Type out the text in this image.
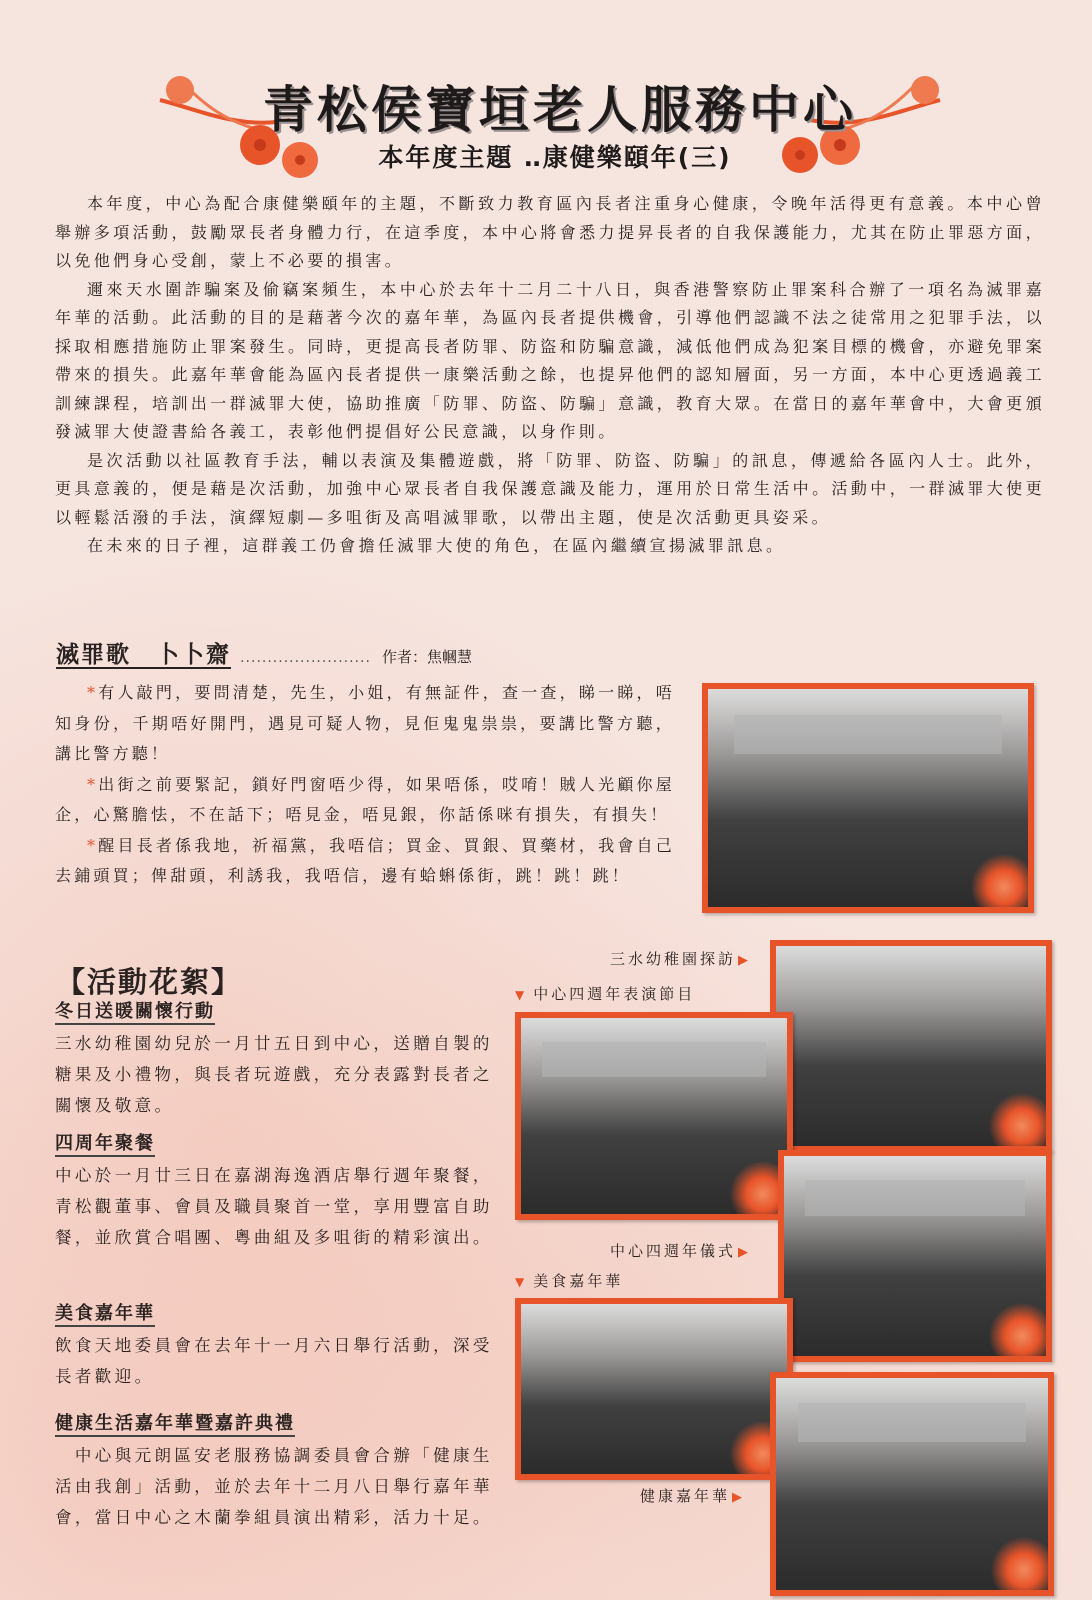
青松侯寶垣老人服務中心
本年度主題 ‥康健樂頤年(三)

本年度，中心為配合康健樂頤年的主題，不斷致力教育區內長者注重身心健康，令晚年活得更有意義。本中心曾舉辦多項活動，鼓勵眾長者身體力行，在這季度，本中心將會悉力提昇長者的自我保護能力，尤其在防止罪惡方面，以免他們身心受創，蒙上不必要的損害。

邇來天水圍詐騙案及偷竊案頻生，本中心於去年十二月二十八日，與香港警察防止罪案科合辦了一項名為滅罪嘉年華的活動。此活動的目的是藉著今次的嘉年華，為區內長者提供機會，引導他們認識不法之徒常用之犯罪手法，以採取相應措施防止罪案發生。同時，更提高長者防罪、防盜和防騙意識，減低他們成為犯案目標的機會，亦避免罪案帶來的損失。此嘉年華會能為區內長者提供一康樂活動之餘，也提昇他們的認知層面，另一方面，本中心更透過義工訓練課程，培訓出一群滅罪大使，協助推廣「防罪、防盜、防騙」意識，教育大眾。在當日的嘉年華會中，大會更頒發滅罪大使證書給各義工，表彰他們提倡好公民意識，以身作則。

是次活動以社區教育手法，輔以表演及集體遊戲，將「防罪、防盜、防騙」的訊息，傳遞給各區內人士。此外，更具意義的，便是藉是次活動，加強中心眾長者自我保護意識及能力，運用於日常生活中。活動中，一群滅罪大使更以輕鬆活潑的手法，演繹短劇—多咀街及高唱滅罪歌，以帶出主題，使是次活動更具姿采。

在未來的日子裡，這群義工仍會擔任滅罪大使的角色，在區內繼續宣揚滅罪訊息。

滅罪歌　卜卜齋 ........................ 作者：焦幗慧

*有人敲門，要問清楚，先生，小姐，有無証件，查一查，睇一睇，唔知身份，千期唔好開門，遇見可疑人物，見佢鬼鬼祟祟，要講比警方聽，講比警方聽！

*出街之前要緊記，鎖好門窗唔少得，如果唔係，哎唷！賊人光顧你屋企，心驚膽怯，不在話下；唔見金，唔見銀，你話係咪有損失，有損失！

*醒目長者係我地，祈福黨，我唔信；買金、買銀、買藥材，我會自己去鋪頭買；俾甜頭，利誘我，我唔信，邊有蛤蝌係街，跳！跳！跳！

【活動花絮】
冬日送暖關懷行動

三水幼稚園幼兒於一月廿五日到中心，送贈自製的糖果及小禮物，與長者玩遊戲，充分表露對長者之關懷及敬意。

四周年聚餐

中心於一月廿三日在嘉湖海逸酒店舉行週年聚餐，青松觀董事、會員及職員聚首一堂，享用豐富自助餐，並欣賞合唱團、粵曲組及多咀街的精彩演出。

美食嘉年華

飲食天地委員會在去年十一月六日舉行活動，深受長者歡迎。

健康生活嘉年華暨嘉許典禮

　中心與元朗區安老服務協調委員會合辦「健康生活由我創」活動，並於去年十二月八日舉行嘉年華會，當日中心之木蘭拳組員演出精彩，活力十足。

三水幼稚園探訪 ▶
▼ 中心四週年表演節目
中心四週年儀式 ▶
▼ 美食嘉年華
健康嘉年華 ▶
